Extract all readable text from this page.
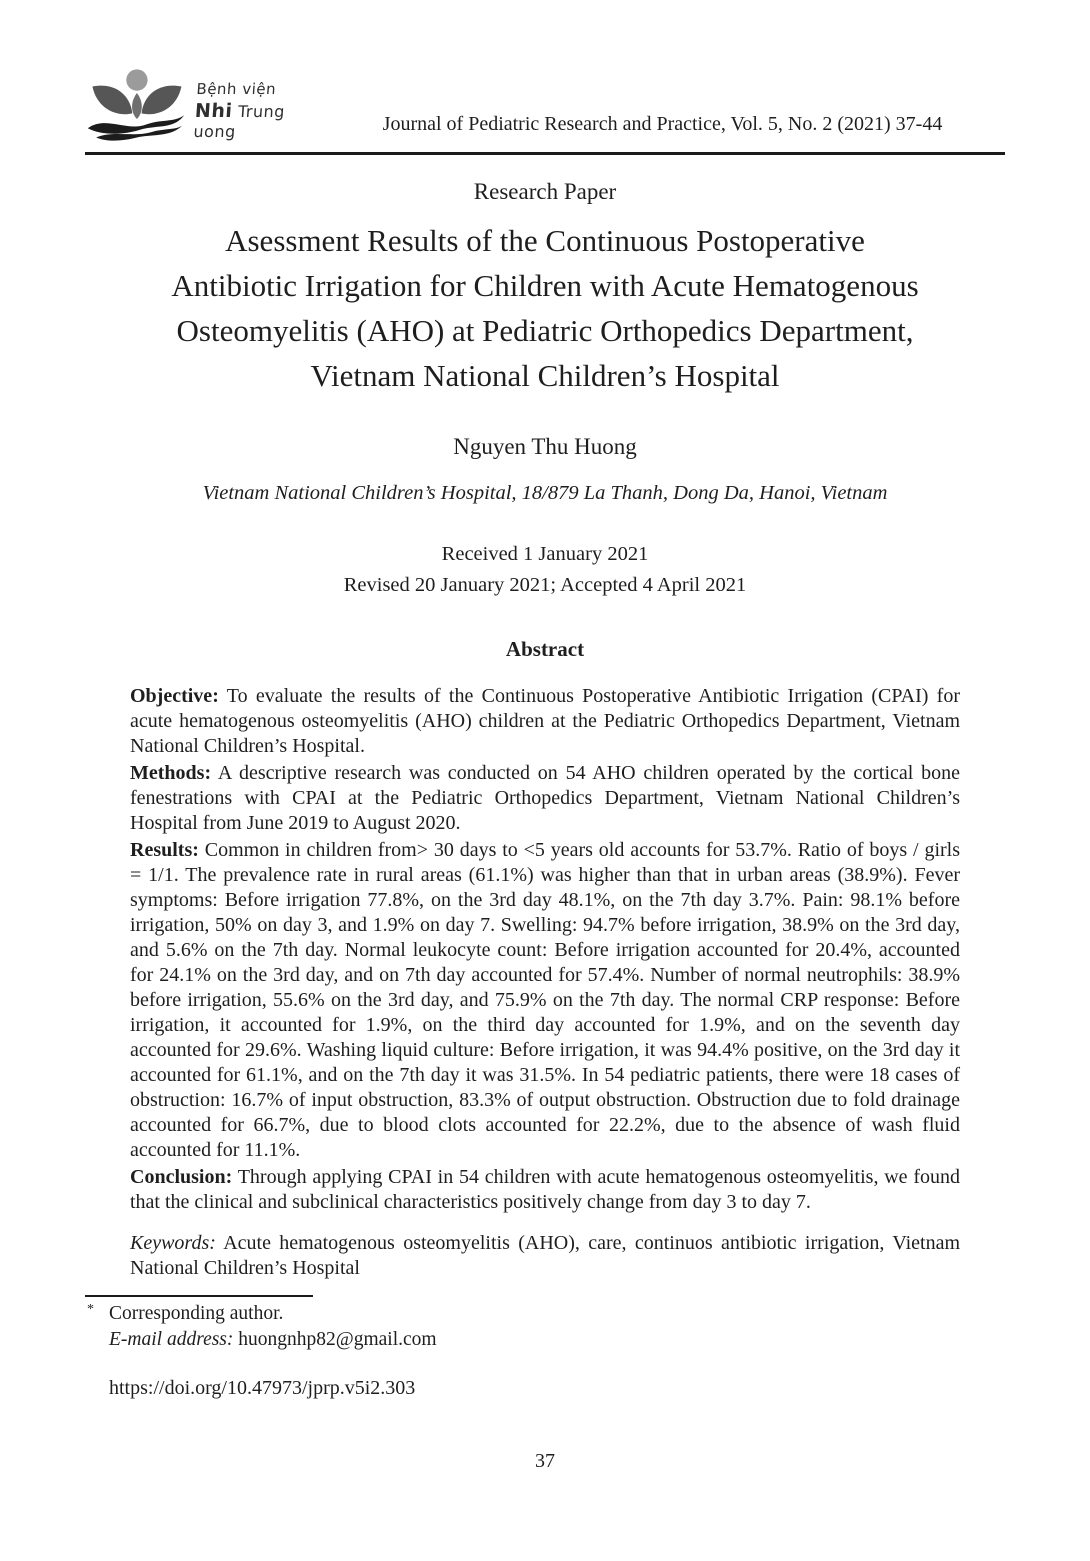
Bệnh viện
Nhi Trung uong	Journal of Pediatric Research and Practice, Vol. 5, No. 2 (2021) 37-44
Research Paper
Asessment Results of the Continuous Postoperative
Antibiotic Irrigation for Children with Acute Hematogenous
Osteomyelitis (AHO) at Pediatric Orthopedics Department,
Vietnam National Children’s Hospital
Nguyen Thu Huong
Vietnam National Children’s Hospital, 18/879 La Thanh, Dong Da, Hanoi, Vietnam
Received 1 January 2021
Revised 20 January 2021; Accepted 4 April 2021
Abstract

Objective: To evaluate the results of the Continuous Postoperative Antibiotic Irrigation (CPAI) for acute hematogenous osteomyelitis (AHO) children at the Pediatric Orthopedics Department, Vietnam National Children’s Hospital.

Methods: A descriptive research was conducted on 54 AHO children operated by the cortical bone fenestrations with CPAI at the Pediatric Orthopedics Department, Vietnam National Children’s Hospital from June 2019 to August 2020.

Results: Common in children from> 30 days to <5 years old accounts for 53.7%. Ratio of boys / girls = 1/1. The prevalence rate in rural areas (61.1%) was higher than that in urban areas (38.9%). Fever symptoms: Before irrigation 77.8%, on the 3rd day 48.1%, on the 7th day 3.7%. Pain: 98.1% before irrigation, 50% on day 3, and 1.9% on day 7. Swelling: 94.7% before irrigation, 38.9% on the 3rd day, and 5.6% on the 7th day. Normal leukocyte count: Before irrigation accounted for 20.4%, accounted for 24.1% on the 3rd day, and on 7th day accounted for 57.4%. Number of normal neutrophils: 38.9% before irrigation, 55.6% on the 3rd day, and 75.9% on the 7th day. The normal CRP response: Before irrigation, it accounted for 1.9%, on the third day accounted for 1.9%, and on the seventh day accounted for 29.6%. Washing liquid culture: Before irrigation, it was 94.4% positive, on the 3rd day it accounted for 61.1%, and on the 7th day it was 31.5%. In 54 pediatric patients, there were 18 cases of obstruction: 16.7% of input obstruction, 83.3% of output obstruction. Obstruction due to fold drainage accounted for 66.7%, due to blood clots accounted for 22.2%, due to the absence of wash fluid accounted for 11.1%.

Conclusion: Through applying CPAI in 54 children with acute hematogenous osteomyelitis, we found that the clinical and subclinical characteristics positively change from day 3 to day 7.

Keywords: Acute hematogenous osteomyelitis (AHO), care, continuos antibiotic irrigation, Vietnam National Children’s Hospital

* Corresponding author.
E-mail address: huongnhp82@gmail.com
https://doi.org/10.47973/jprp.v5i2.303
37
